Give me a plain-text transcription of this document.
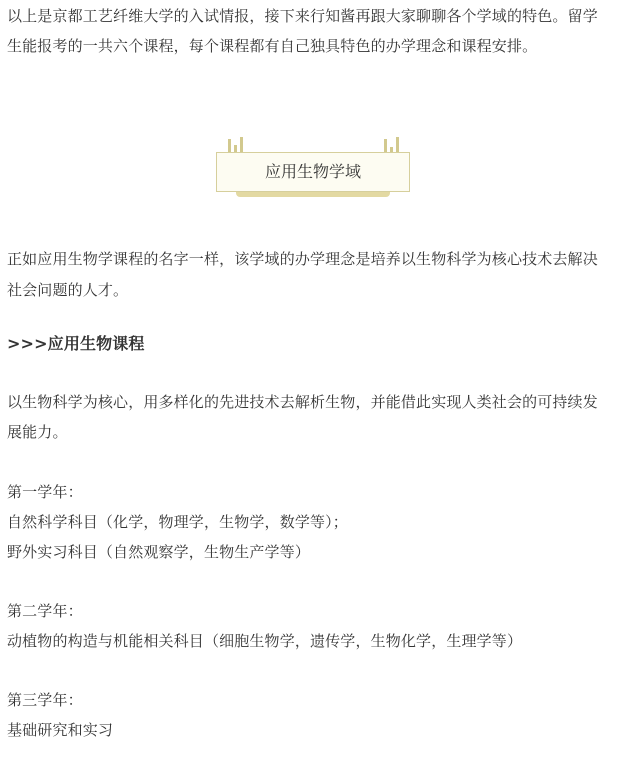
以上是京都工艺纤维大学的入试情报，接下来行知酱再跟大家聊聊各个学域的特色。留学
生能报考的一共六个课程，每个课程都有自己独具特色的办学理念和课程安排。
应用生物学域
正如应用生物学课程的名字一样，该学域的办学理念是培养以生物科学为核心技术去解决
社会问题的人才。
>>>应用生物课程
以生物科学为核心，用多样化的先进技术去解析生物，并能借此实现人类社会的可持续发
展能力。
第一学年：
自然科学科目（化学，物理学，生物学，数学等）；
野外实习科目（自然观察学，生物生产学等）
第二学年：
动植物的构造与机能相关科目（细胞生物学，遗传学，生物化学，生理学等）
第三学年：
基础研究和实习
